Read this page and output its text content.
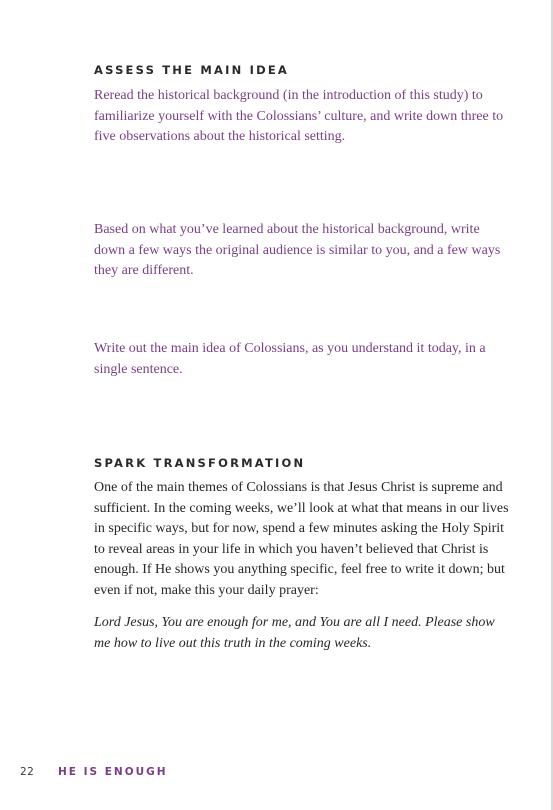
ASSESS THE MAIN IDEA

Reread the historical background (in the introduction of this study) to familiarize yourself with the Colossians’ culture, and write down three to five observations about the historical setting.

Based on what you’ve learned about the historical background, write down a few ways the original audience is similar to you, and a few ways they are different.

Write out the main idea of Colossians, as you understand it today, in a single sentence.

SPARK TRANSFORMATION

One of the main themes of Colossians is that Jesus Christ is supreme and sufficient. In the coming weeks, we’ll look at what that means in our lives in specific ways, but for now, spend a few minutes asking the Holy Spirit to reveal areas in your life in which you haven’t believed that Christ is enough. If He shows you anything specific, feel free to write it down; but even if not, make this your daily prayer:

Lord Jesus, You are enough for me, and You are all I need. Please show me how to live out this truth in the coming weeks.

22 HE IS ENOUGH
